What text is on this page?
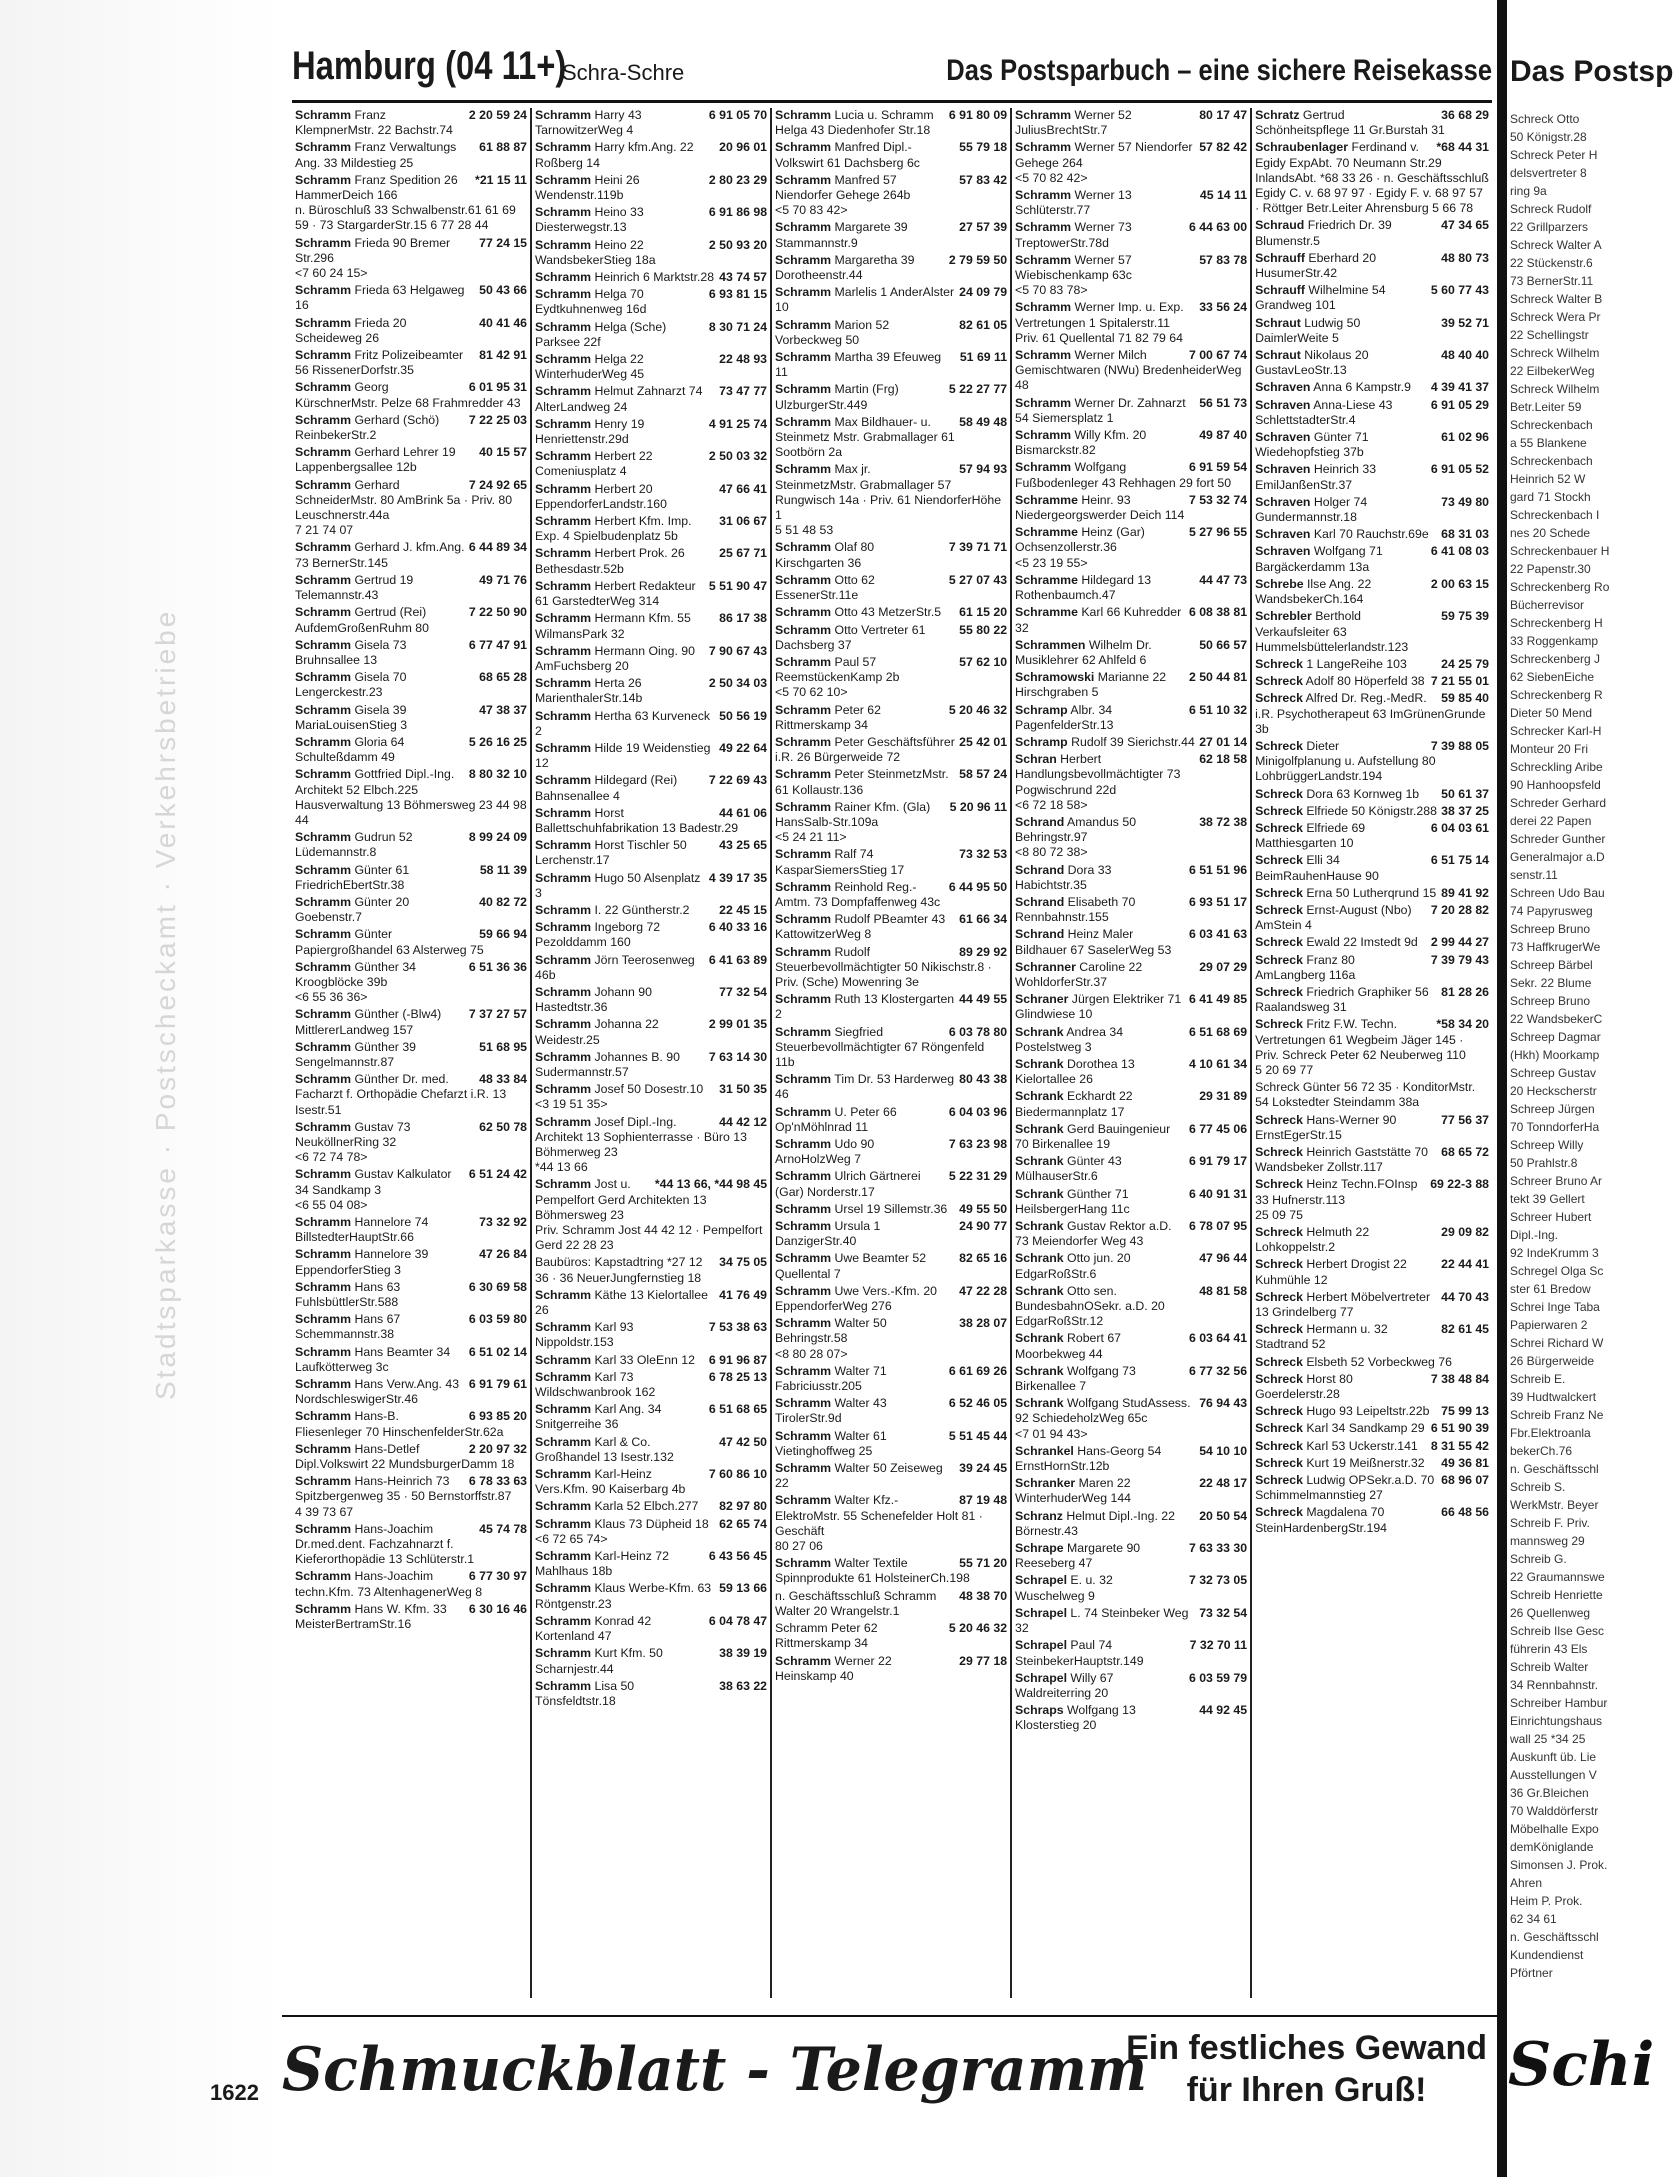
Stadtsparkasse · Postscheckamt · Verkehrsbetriebe
Hamburg (04 11+)
Schra-Schre	Das Postsparbuch – eine sichere Reisekasse
2 20 59 24
Schramm Franz
KlempnerMstr. 22 Bachstr.74
61 88 87
Schramm Franz Verwaltungs Ang. 33 Mildestieg 25
*21 15 11
Schramm Franz Spedition 26 HammerDeich 166
n. Büroschluß 33 Schwalbenstr.61 61 69 59 · 73 StargarderStr.15 6 77 28 44
77 24 15
Schramm Frieda 90 Bremer Str.296
<7 60 24 15>
50 43 66
Schramm Frieda 63 Helgaweg 16
40 41 46
Schramm Frieda 20 Scheideweg 26
81 42 91
Schramm Fritz Polizeibeamter 56 RissenerDorfstr.35
6 01 95 31
Schramm Georg KürschnerMstr. Pelze 68 Frahmredder 43
7 22 25 03
Schramm Gerhard (Schö) ReinbekerStr.2
40 15 57
Schramm Gerhard Lehrer 19 Lappenbergsallee 12b
7 24 92 65
Schramm Gerhard SchneiderMstr. 80 AmBrink 5a · Priv. 80 Leuschnerstr.44a
7 21 74 07
6 44 89 34
Schramm Gerhard J. kfm.Ang. 73 BernerStr.145
49 71 76
Schramm Gertrud 19 Telemannstr.43
7 22 50 90
Schramm Gertrud (Rei) AufdemGroßenRuhm 80
6 77 47 91
Schramm Gisela 73 Bruhnsallee 13
68 65 28
Schramm Gisela 70 Lengerckestr.23
47 38 37
Schramm Gisela 39 MariaLouisenStieg 3
5 26 16 25
Schramm Gloria 64 Schulteßdamm 49
8 80 32 10
Schramm Gottfried Dipl.-Ing. Architekt 52 Elbch.225
Hausverwaltung 13 Böhmersweg 23 44 98 44
8 99 24 09
Schramm Gudrun 52 Lüdemannstr.8
58 11 39
Schramm Günter 61 FriedrichEbertStr.38
40 82 72
Schramm Günter 20 Goebenstr.7
59 66 94
Schramm Günter Papiergroßhandel 63 Alsterweg 75
6 51 36 36
Schramm Günther 34 Kroogblöcke 39b
<6 55 36 36>
7 37 27 57
Schramm Günther (-Blw4) MittlererLandweg 157
51 68 95
Schramm Günther 39 Sengelmannstr.87
48 33 84
Schramm Günther Dr. med. Facharzt f. Orthopädie Chefarzt i.R. 13 Isestr.51
62 50 78
Schramm Gustav 73 NeuköllnerRing 32
<6 72 74 78>
6 51 24 42
Schramm Gustav Kalkulator 34 Sandkamp 3
<6 55 04 08>
73 32 92
Schramm Hannelore 74 BillstedterHauptStr.66
47 26 84
Schramm Hannelore 39 EppendorferStieg 3
6 30 69 58
Schramm Hans 63 FuhlsbüttlerStr.588
6 03 59 80
Schramm Hans 67 Schemmannstr.38
6 51 02 14
Schramm Hans Beamter 34 Laufkötterweg 3c
6 91 79 61
Schramm Hans Verw.Ang. 43 NordschleswigerStr.46
6 93 85 20
Schramm Hans-B. Fliesenleger 70 HinschenfelderStr.62a
2 20 97 32
Schramm Hans-Detlef Dipl.Volkswirt 22 MundsburgerDamm 18
6 78 33 63
Schramm Hans-Heinrich 73 Spitzbergenweg 35 · 50 Bernstorffstr.87
4 39 73 67
45 74 78
Schramm Hans-Joachim Dr.med.dent. Fachzahnarzt f. Kieferorthopädie 13 Schlüterstr.1
6 77 30 97
Schramm Hans-Joachim techn.Kfm. 73 AltenhagenerWeg 8
6 30 16 46
Schramm Hans W. Kfm. 33 MeisterBertramStr.16
6 91 05 70
Schramm Harry 43 TarnowitzerWeg 4
20 96 01
Schramm Harry kfm.Ang. 22 Roßberg 14
2 80 23 29
Schramm Heini 26 Wendenstr.119b
6 91 86 98
Schramm Heino 33 Diesterwegstr.13
2 50 93 20
Schramm Heino 22 WandsbekerStieg 18a
43 74 57
Schramm Heinrich 6 Marktstr.28
6 93 81 15
Schramm Helga 70 Eydtkuhnenweg 16d
8 30 71 24
Schramm Helga (Sche) Parksee 22f
22 48 93
Schramm Helga 22 WinterhuderWeg 45
73 47 77
Schramm Helmut Zahnarzt 74 AlterLandweg 24
4 91 25 74
Schramm Henry 19 Henriettenstr.29d
2 50 03 32
Schramm Herbert 22 Comeniusplatz 4
47 66 41
Schramm Herbert 20 EppendorferLandstr.160
31 06 67
Schramm Herbert Kfm. Imp. Exp. 4 Spielbudenplatz 5b
25 67 71
Schramm Herbert Prok. 26 Bethesdastr.52b
5 51 90 47
Schramm Herbert Redakteur 61 GarstedterWeg 314
86 17 38
Schramm Hermann Kfm. 55 WilmansPark 32
7 90 67 43
Schramm Hermann Oing. 90 AmFuchsberg 20
2 50 34 03
Schramm Herta 26 MarienthalerStr.14b
50 56 19
Schramm Hertha 63 Kurveneck 2
49 22 64
Schramm Hilde 19 Weidenstieg 12
7 22 69 43
Schramm Hildegard (Rei) Bahnsenallee 4
44 61 06
Schramm Horst Ballettschuhfabrikation 13 Badestr.29
43 25 65
Schramm Horst Tischler 50 Lerchenstr.17
4 39 17 35
Schramm Hugo 50 Alsenplatz 3
22 45 15
Schramm I. 22 Güntherstr.2
6 40 33 16
Schramm Ingeborg 72 Pezolddamm 160
6 41 63 89
Schramm Jörn Teerosenweg 46b
77 32 54
Schramm Johann 90 Hastedtstr.36
2 99 01 35
Schramm Johanna 22 Weidestr.25
7 63 14 30
Schramm Johannes B. 90 Sudermannstr.57
31 50 35
Schramm Josef 50 Dosestr.10
<3 19 51 35>
44 42 12
Schramm Josef Dipl.-Ing. Architekt 13 Sophienterrasse · Büro 13 Böhmerweg 23
*44 13 66
*44 13 66, *44 98 45
Schramm Jost u. Pempelfort Gerd Architekten 13 Böhmersweg 23
Priv. Schramm Jost 44 42 12 · Pempelfort Gerd 22 28 23
34 75 05
Baubüros: Kapstadtring *27 12 36 · 36 NeuerJungfernstieg 18
41 76 49
Schramm Käthe 13 Kielortallee 26
7 53 38 63
Schramm Karl 93 Nippoldstr.153
6 91 96 87
Schramm Karl 33 OleEnn 12
6 78 25 13
Schramm Karl 73 Wildschwanbrook 162
6 51 68 65
Schramm Karl Ang. 34 Snitgerreihe 36
47 42 50
Schramm Karl & Co. Großhandel 13 Isestr.132
7 60 86 10
Schramm Karl-Heinz Vers.Kfm. 90 Kaiserbarg 4b
82 97 80
Schramm Karla 52 Elbch.277
62 65 74
Schramm Klaus 73 Düpheid 18
<6 72 65 74>
6 43 56 45
Schramm Karl-Heinz 72 Mahlhaus 18b
59 13 66
Schramm Klaus Werbe-Kfm. 63 Röntgenstr.23
6 04 78 47
Schramm Konrad 42 Kortenland 47
38 39 19
Schramm Kurt Kfm. 50 Scharnjestr.44
38 63 22
Schramm Lisa 50 Tönsfeldtstr.18
6 91 80 09
Schramm Lucia u. Schramm Helga 43 Diedenhofer Str.18
55 79 18
Schramm Manfred Dipl.-Volkswirt 61 Dachsberg 6c
57 83 42
Schramm Manfred 57 Niendorfer Gehege 264b
<5 70 83 42>
27 57 39
Schramm Margarete 39 Stammannstr.9
2 79 59 50
Schramm Margaretha 39 Dorotheenstr.44
24 09 79
Schramm Marlelis 1 AnderAlster 10
82 61 05
Schramm Marion 52 Vorbeckweg 50
51 69 11
Schramm Martha 39 Efeuweg 11
5 22 27 77
Schramm Martin (Frg) UlzburgerStr.449
58 49 48
Schramm Max Bildhauer- u. Steinmetz Mstr. Grabmallager 61 Sootbörn 2a
57 94 93
Schramm Max jr. SteinmetzMstr. Grabmallager 57 Rungwisch 14a · Priv. 61 NiendorferHöhe 1
5 51 48 53
7 39 71 71
Schramm Olaf 80 Kirschgarten 36
5 27 07 43
Schramm Otto 62 EssenerStr.11e
61 15 20
Schramm Otto 43 MetzerStr.5
55 80 22
Schramm Otto Vertreter 61 Dachsberg 37
57 62 10
Schramm Paul 57 ReemstückenKamp 2b
<5 70 62 10>
5 20 46 32
Schramm Peter 62 Rittmerskamp 34
25 42 01
Schramm Peter Geschäftsführer i.R. 26 Bürgerweide 72
58 57 24
Schramm Peter SteinmetzMstr. 61 Kollaustr.136
5 20 96 11
Schramm Rainer Kfm. (Gla) HansSalb-Str.109a
<5 24 21 11>
73 32 53
Schramm Ralf 74 KasparSiemersStieg 17
6 44 95 50
Schramm Reinhold Reg.-Amtm. 73 Dompfaffenweg 43c
61 66 34
Schramm Rudolf PBeamter 43 KattowitzerWeg 8
89 29 92
Schramm Rudolf Steuerbevollmächtigter 50 Nikischstr.8 · Priv. (Sche) Mowenring 3e
44 49 55
Schramm Ruth 13 Klostergarten 2
6 03 78 80
Schramm Siegfried Steuerbevollmächtigter 67 Röngenfeld 11b
80 43 38
Schramm Tim Dr. 53 Harderweg 46
6 04 03 96
Schramm U. Peter 66 Op'nMöhlnrad 11
7 63 23 98
Schramm Udo 90 ArnoHolzWeg 7
5 22 31 29
Schramm Ulrich Gärtnerei (Gar) Norderstr.17
49 55 50
Schramm Ursel 19 Sillemstr.36
24 90 77
Schramm Ursula 1 DanzigerStr.40
82 65 16
Schramm Uwe Beamter 52 Quellental 7
47 22 28
Schramm Uwe Vers.-Kfm. 20 EppendorferWeg 276
38 28 07
Schramm Walter 50 Behringstr.58
<8 80 28 07>
6 61 69 26
Schramm Walter 71 Fabriciusstr.205
6 52 46 05
Schramm Walter 43 TirolerStr.9d
5 51 45 44
Schramm Walter 61 Vietinghoffweg 25
39 24 45
Schramm Walter 50 Zeiseweg 22
87 19 48
Schramm Walter Kfz.-ElektroMstr. 55 Schenefelder Holt 81 · Geschäft
80 27 06
55 71 20
Schramm Walter Textile Spinnprodukte 61 HolsteinerCh.198
48 38 70
n. Geschäftsschluß Schramm Walter 20 Wrangelstr.1
5 20 46 32
Schramm Peter 62 Rittmerskamp 34
29 77 18
Schramm Werner 22 Heinskamp 40
80 17 47
Schramm Werner 52 JuliusBrechtStr.7
57 82 42
Schramm Werner 57 Niendorfer Gehege 264
<5 70 82 42>
45 14 11
Schramm Werner 13 Schlüterstr.77
6 44 63 00
Schramm Werner 73 TreptowerStr.78d
57 83 78
Schramm Werner 57 Wiebischenkamp 63c
<5 70 83 78>
33 56 24
Schramm Werner Imp. u. Exp. Vertretungen 1 Spitalerstr.11
Priv. 61 Quellental 71 82 79 64
7 00 67 74
Schramm Werner Milch Gemischtwaren (NWu) BredenheiderWeg 48
56 51 73
Schramm Werner Dr. Zahnarzt 54 Siemersplatz 1
49 87 40
Schramm Willy Kfm. 20 Bismarckstr.82
6 91 59 54
Schramm Wolfgang Fußbodenleger 43 Rehhagen 29 fort 50
7 53 32 74
Schramme Heinr. 93 Niedergeorgswerder Deich 114
5 27 96 55
Schramme Heinz (Gar) Ochsenzollerstr.36
<5 23 19 55>
44 47 73
Schramme Hildegard 13 Rothenbaumch.47
6 08 38 81
Schramme Karl 66 Kuhredder 32
50 66 57
Schrammen Wilhelm Dr. Musiklehrer 62 Ahlfeld 6
2 50 44 81
Schramowski Marianne 22 Hirschgraben 5
6 51 10 32
Schramp Albr. 34 PagenfelderStr.13
27 01 14
Schramp Rudolf 39 Sierichstr.44
62 18 58
Schran Herbert Handlungsbevollmächtigter 73 Pogwischrund 22d
<6 72 18 58>
38 72 38
Schrand Amandus 50 Behringstr.97
<8 80 72 38>
6 51 51 96
Schrand Dora 33 Habichtstr.35
6 93 51 17
Schrand Elisabeth 70 Rennbahnstr.155
6 03 41 63
Schrand Heinz Maler Bildhauer 67 SaselerWeg 53
29 07 29
Schranner Caroline 22 WohldorferStr.37
6 41 49 85
Schraner Jürgen Elektriker 71 Glindwiese 10
6 51 68 69
Schrank Andrea 34 Postelstweg 3
4 10 61 34
Schrank Dorothea 13 Kielortallee 26
29 31 89
Schrank Eckhardt 22 Biedermannplatz 17
6 77 45 06
Schrank Gerd Bauingenieur 70 Birkenallee 19
6 91 79 17
Schrank Günter 43 MülhauserStr.6
6 40 91 31
Schrank Günther 71 HeilsbergerHang 11c
6 78 07 95
Schrank Gustav Rektor a.D. 73 Meiendorfer Weg 43
47 96 44
Schrank Otto jun. 20 EdgarRoßStr.6
48 81 58
Schrank Otto sen. BundesbahnOSekr. a.D. 20 EdgarRoßStr.12
6 03 64 41
Schrank Robert 67 Moorbekweg 44
6 77 32 56
Schrank Wolfgang 73 Birkenallee 7
76 94 43
Schrank Wolfgang StudAssess. 92 SchiedeholzWeg 65c
<7 01 94 43>
54 10 10
Schrankel Hans-Georg 54 ErnstHornStr.12b
22 48 17
Schranker Maren 22 WinterhuderWeg 144
20 50 54
Schranz Helmut Dipl.-Ing. 22 Börnestr.43
7 63 33 30
Schrape Margarete 90 Reeseberg 47
7 32 73 05
Schrapel E. u. 32 Wuschelweg 9
73 32 54
Schrapel L. 74 Steinbeker Weg 32
7 32 70 11
Schrapel Paul 74 SteinbekerHauptstr.149
6 03 59 79
Schrapel Willy 67 Waldreiterring 20
44 92 45
Schraps Wolfgang 13 Klosterstieg 20
36 68 29
Schratz Gertrud Schönheitspflege 11 Gr.Burstah 31
*68 44 31
Schraubenlager Ferdinand v. Egidy ExpAbt. 70 Neumann Str.29
InlandsAbt. *68 33 26 · n. Geschäftsschluß Egidy C. v. 68 97 97 · Egidy F. v. 68 97 57 · Röttger Betr.Leiter Ahrensburg 5 66 78
47 34 65
Schraud Friedrich Dr. 39 Blumenstr.5
48 80 73
Schrauff Eberhard 20 HusumerStr.42
5 60 77 43
Schrauff Wilhelmine 54 Grandweg 101
39 52 71
Schraut Ludwig 50 DaimlerWeite 5
48 40 40
Schraut Nikolaus 20 GustavLeoStr.13
4 39 41 37
Schraven Anna 6 Kampstr.9
6 91 05 29
Schraven Anna-Liese 43 SchlettstadterStr.4
61 02 96
Schraven Günter 71 Wiedehopfstieg 37b
6 91 05 52
Schraven Heinrich 33 EmilJanßenStr.37
73 49 80
Schraven Holger 74 Gundermannstr.18
68 31 03
Schraven Karl 70 Rauchstr.69e
6 41 08 03
Schraven Wolfgang 71 Bargäckerdamm 13a
2 00 63 15
Schrebe Ilse Ang. 22 WandsbekerCh.164
59 75 39
Schrebler Berthold Verkaufsleiter 63 Hummelsbüttelerlandstr.123
24 25 79
Schreck 1 LangeReihe 103
7 21 55 01
Schreck Adolf 80 Höperfeld 38
59 85 40
Schreck Alfred Dr. Reg.-MedR. i.R. Psychotherapeut 63 ImGrünenGrunde 3b
7 39 88 05
Schreck Dieter Minigolfplanung u. Aufstellung 80 LohbrüggerLandstr.194
50 61 37
Schreck Dora 63 Kornweg 1b
38 37 25
Schreck Elfriede 50 Königstr.288
6 04 03 61
Schreck Elfriede 69 Matthiesgarten 10
6 51 75 14
Schreck Elli 34 BeimRauhenHause 90
89 41 92
Schreck Erna 50 Lutherqrund 15
7 20 28 82
Schreck Ernst-August (Nbo) AmStein 4
2 99 44 27
Schreck Ewald 22 Imstedt 9d
7 39 79 43
Schreck Franz 80 AmLangberg 116a
81 28 26
Schreck Friedrich Graphiker 56 Raalandsweg 31
*58 34 20
Schreck Fritz F.W. Techn. Vertretungen 61 Wegbeim Jäger 145 · Priv. Schreck Peter 62 Neuberweg 110
5 20 69 77
Schreck Günter 56 72 35 · KonditorMstr. 54 Lokstedter Steindamm 38a
77 56 37
Schreck Hans-Werner 90 ErnstEgerStr.15
68 65 72
Schreck Heinrich Gaststätte 70 Wandsbeker Zollstr.117
69 22-3 88
Schreck Heinz Techn.FOInsp 33 Hufnerstr.113
25 09 75
29 09 82
Schreck Helmuth 22 Lohkoppelstr.2
22 44 41
Schreck Herbert Drogist 22 Kuhmühle 12
44 70 43
Schreck Herbert Möbelvertreter 13 Grindelberg 77
82 61 45
Schreck Hermann u. 32 Stadtrand 52
Schreck Elsbeth 52 Vorbeckweg 76
7 38 48 84
Schreck Horst 80 Goerdelerstr.28
75 99 13
Schreck Hugo 93 Leipeltstr.22b
6 51 90 39
Schreck Karl 34 Sandkamp 29
8 31 55 42
Schreck Karl 53 Uckerstr.141
49 36 81
Schreck Kurt 19 Meißnerstr.32
68 96 07
Schreck Ludwig OPSekr.a.D. 70 Schimmelmannstieg 27
66 48 56
Schreck Magdalena 70 SteinHardenbergStr.194
Das Postsp
Schreck Otto
50 Königstr.28
Schreck Peter H
delsvertreter 8
ring 9a
Schreck Rudolf
22 Grillparzers
Schreck Walter A
22 Stückenstr.6
73 BernerStr.11
Schreck Walter B
Schreck Wera Pr
22 Schellingstr
Schreck Wilhelm
22 EilbekerWeg
Schreck Wilhelm
Betr.Leiter 59
Schreckenbach
a 55 Blankene
Schreckenbach
Heinrich 52 W
gard 71 Stockh
Schreckenbach I
nes 20 Schede
Schreckenbauer H
22 Papenstr.30
Schreckenberg Ro
Bücherrevisor
Schreckenberg H
33 Roggenkamp
Schreckenberg J
62 SiebenEiche
Schreckenberg R
Dieter 50 Mend
Schrecker Karl-H
Monteur 20 Fri
Schreckling Aribe
90 Hanhoopsfeld
Schreder Gerhard
derei 22 Papen
Schreder Gunther
Generalmajor a.D
senstr.11
Schreen Udo Bau
74 Papyrusweg
Schreep Bruno
73 HaffkrugerWe
Schreep Bärbel
Sekr. 22 Blume
Schreep Bruno
22 WandsbekerC
Schreep Dagmar
(Hkh) Moorkamp
Schreep Gustav
20 Heckscherstr
Schreep Jürgen
70 TonndorferHa
Schreep Willy
50 Prahlstr.8
Schreer Bruno Ar
tekt 39 Gellert
Schreer Hubert
Dipl.-Ing.
92 IndeKrumm 3
Schregel Olga Sc
ster 61 Bredow
Schrei Inge Taba
Papierwaren 2
Schrei Richard W
26 Bürgerweide
Schreib E.
39 Hudtwalckert
Schreib Franz Ne
Fbr.Elektroanla
bekerCh.76
n. Geschäftsschl
Schreib S.
WerkMstr. Beyer
Schreib F. Priv.
mannsweg 29
Schreib G.
22 Graumannswe
Schreib Henriette
26 Quellenweg
Schreib Ilse Gesc
führerin 43 Els
Schreib Walter
34 Rennbahnstr.
Schreiber Hambur
Einrichtungshaus
wall 25 *34 25
Auskunft üb. Lie
Ausstellungen V
36 Gr.Bleichen
70 Walddörferstr
Möbelhalle Expo
demKöniglande
Simonsen J. Prok.
Ahren
Heim P. Prok.
62 34 61
n. Geschäftsschl
Kundendienst
Pförtner
Schi
1622 Schmuckblatt - Telegramm
Ein festliches Gewand
für Ihren Gruß!
